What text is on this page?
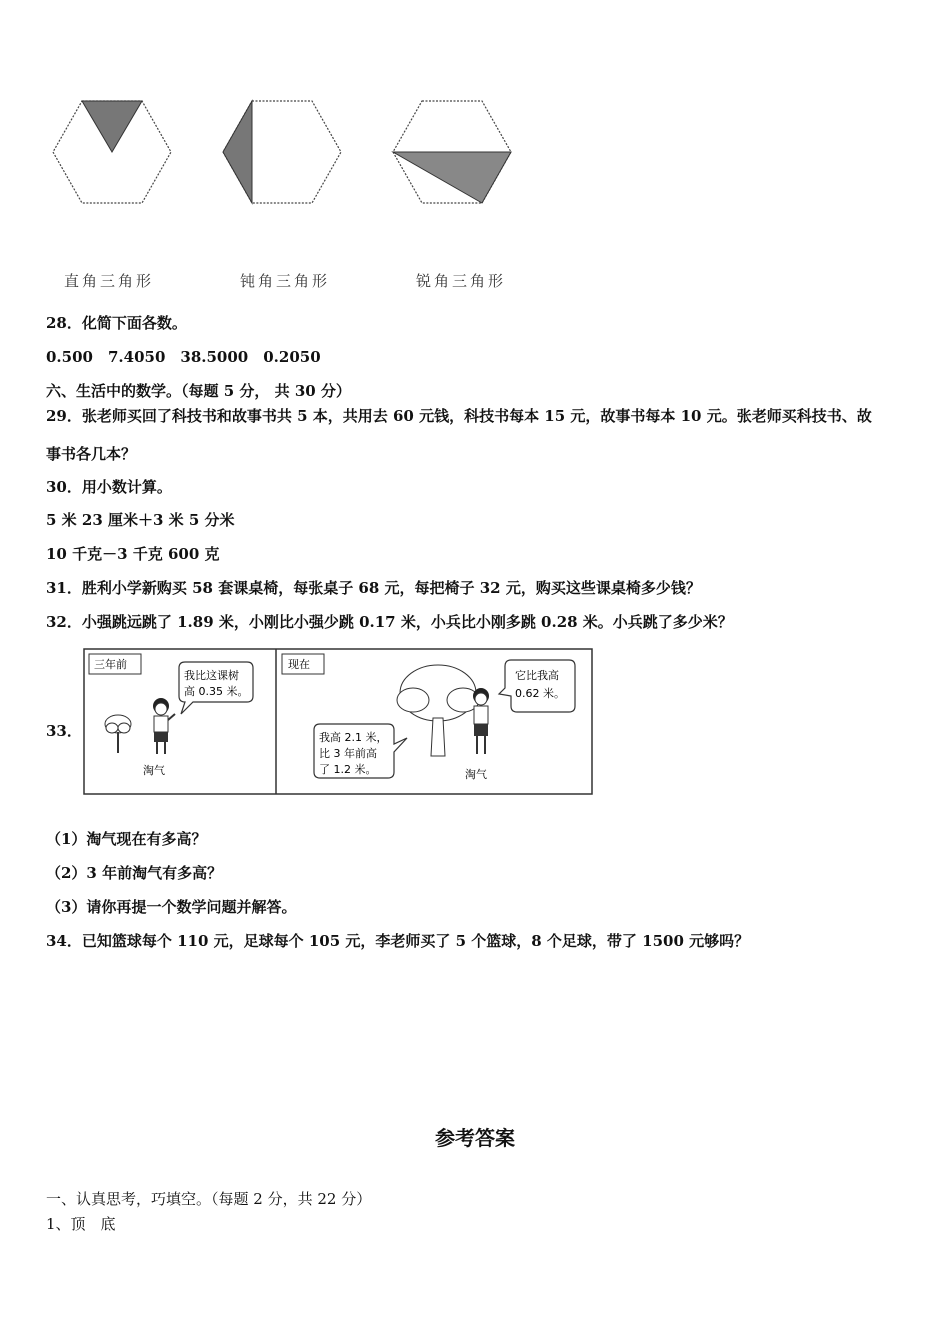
直角三角形	钝角三角形	锐角三角形
28．化简下面各数。
0.500　7.4050　38.5000　0.2050
六、生活中的数学。（每题 5 分， 共 30 分）
29．张老师买回了科技书和故事书共 5 本，共用去 60 元钱，科技书每本 15 元，故事书每本 10 元。张老师买科技书、故
事书各几本？
30．用小数计算。
5 米 23 厘米＋3 米 5 分米
10 千克－3 千克 600 克
31．胜利小学新购买 58 套课桌椅，每张桌子 68 元，每把椅子 32 元，购买这些课桌椅多少钱？
32．小强跳远跳了 1.89 米，小刚比小强少跳 0.17 米，小兵比小刚多跳 0.28 米。小兵跳了多少米？
33．
三年前
淘气
我比这课树
高 0.35 米。
现在
淘气
它比我高
0.62 米。
我高 2.1 米，
比 3 年前高
了 1.2 米。
（1）淘气现在有多高？
（2）3 年前淘气有多高？
（3）请你再提一个数学问题并解答。
34．已知篮球每个 110 元，足球每个 105 元，李老师买了 5 个篮球，8 个足球，带了 1500 元够吗？
参考答案
一、认真思考，巧填空。（每题 2 分，共 22 分）
1、顶　底
